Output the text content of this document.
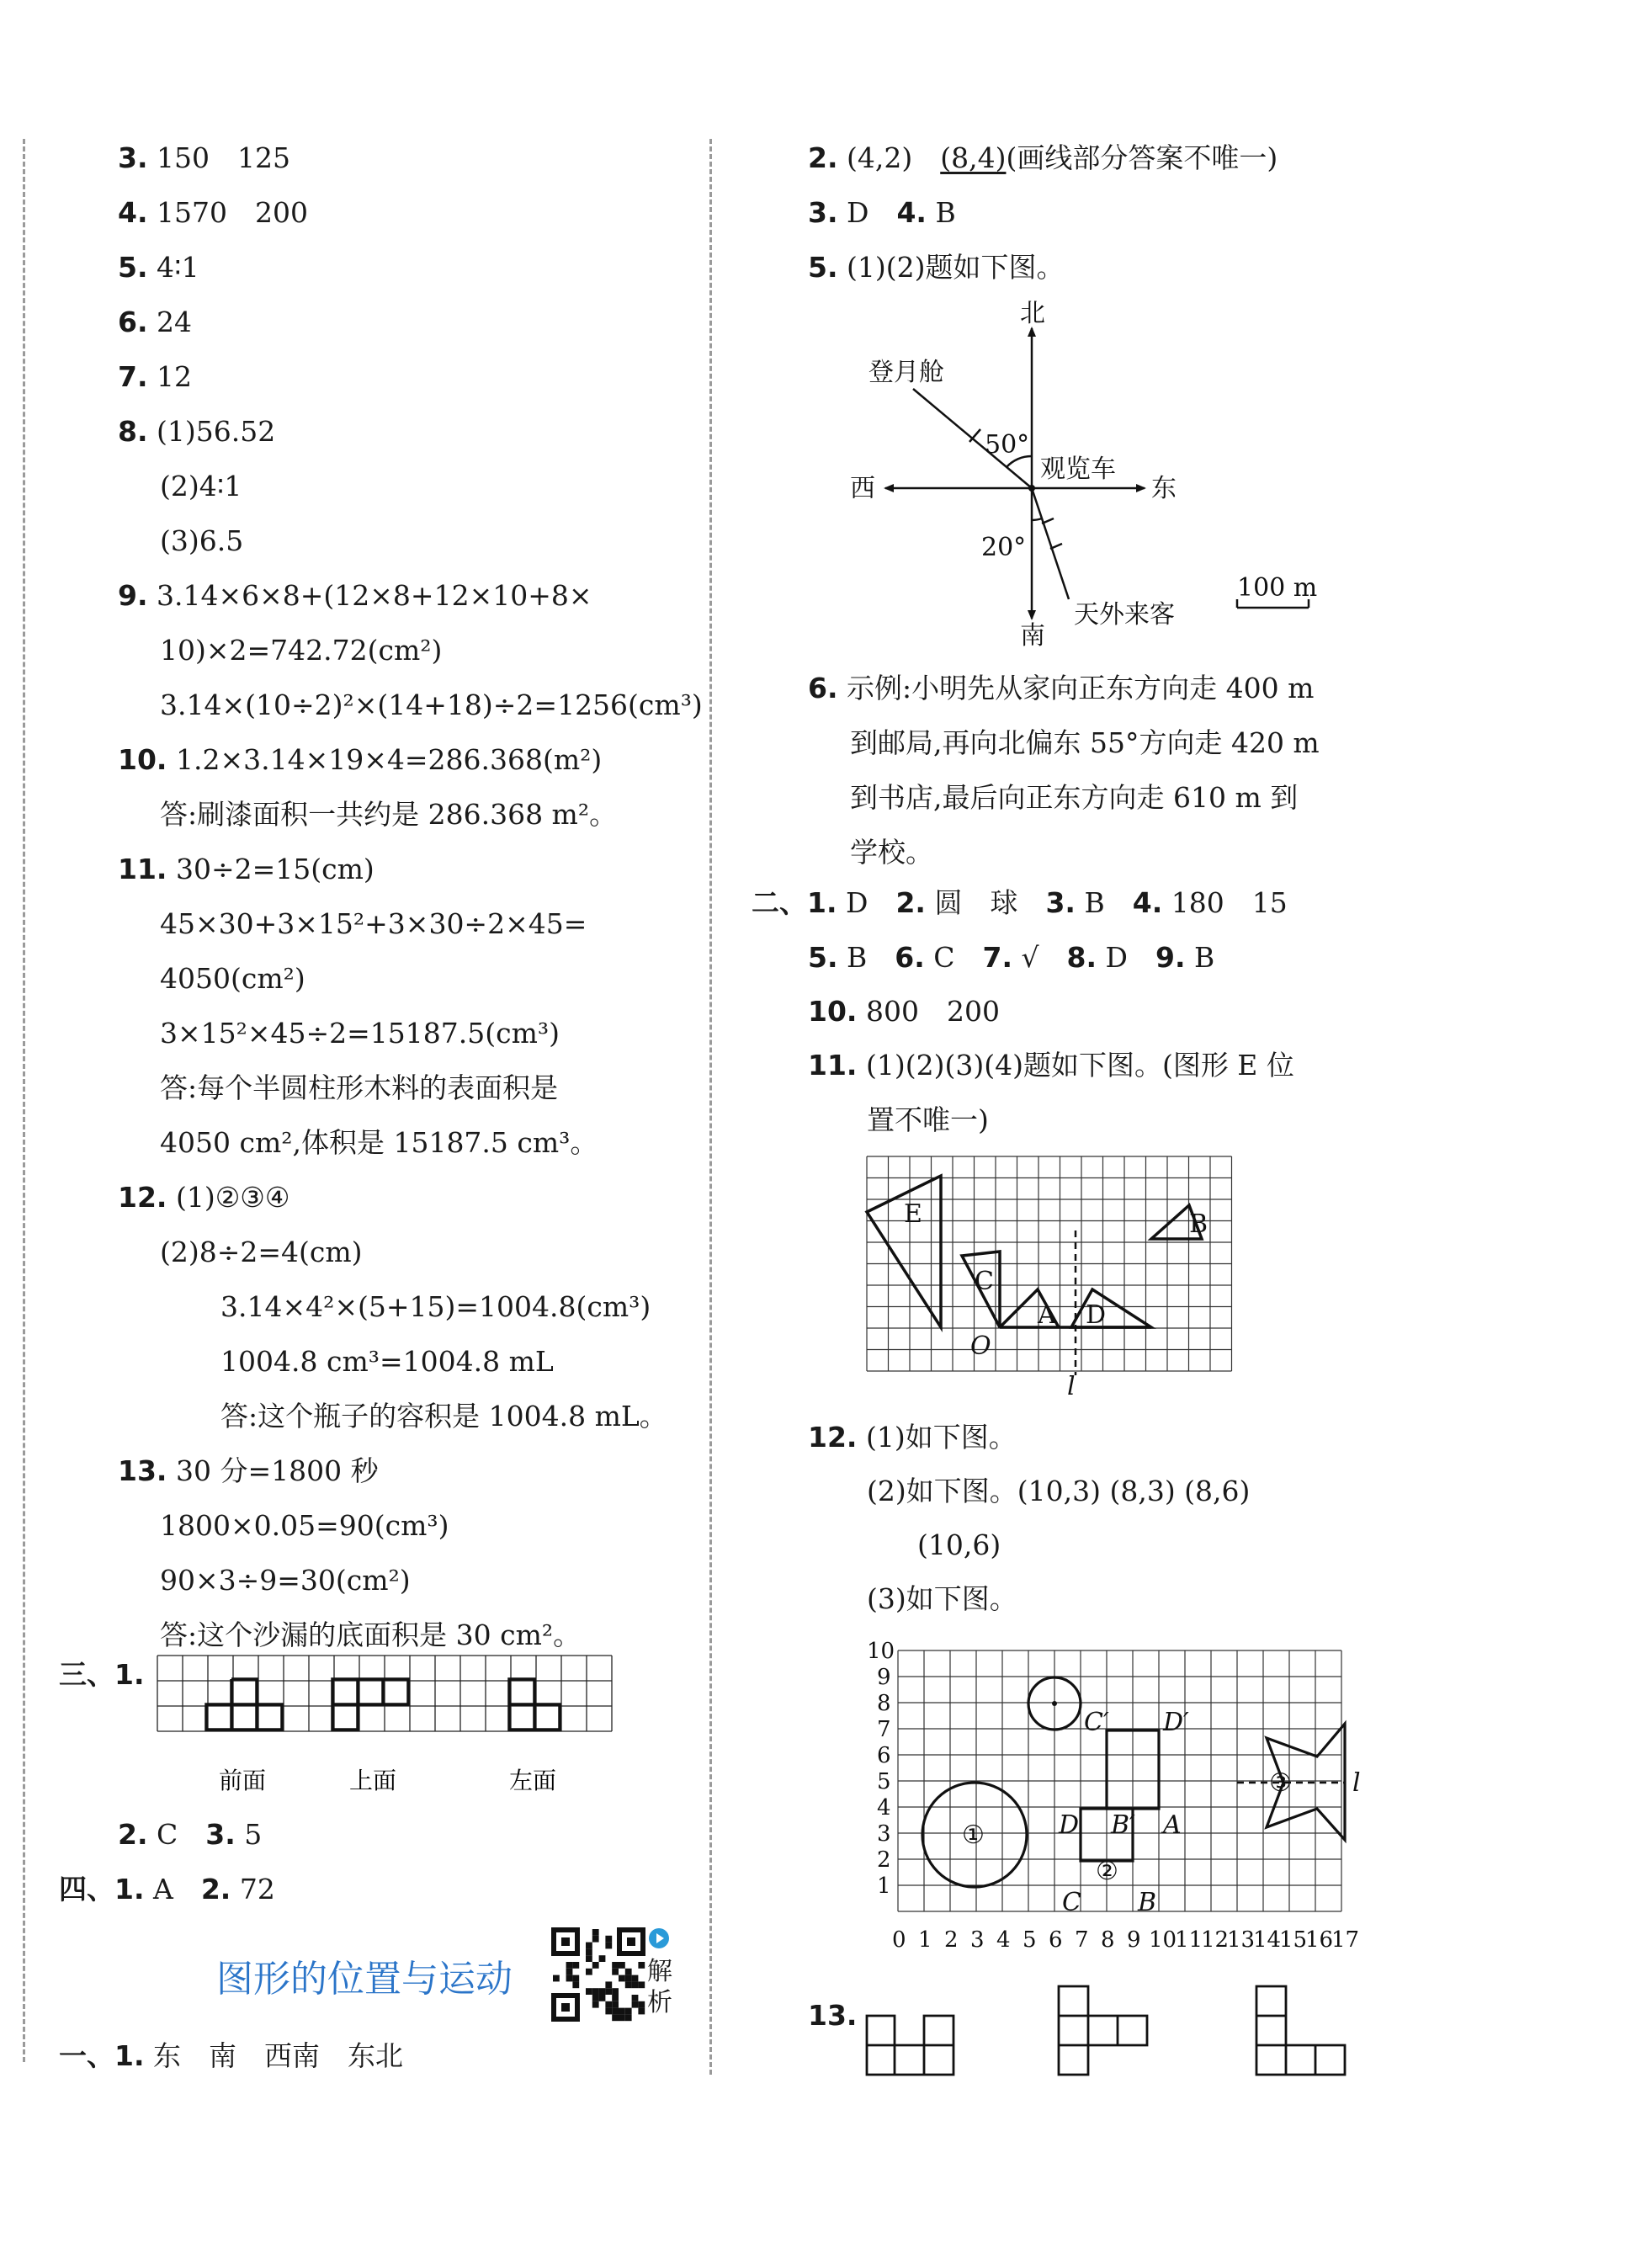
3. 150　125
4. 1570　200
5. 4∶1
6. 24
7. 12
8. (1)56.52
(2)4∶1
(3)6.5
9. 3.14×6×8+(12×8+12×10+8×
10)×2=742.72(cm²)
3.14×(10÷2)²×(14+18)÷2=1256(cm³)
10. 1.2×3.14×19×4=286.368(m²)
答:刷漆面积一共约是 286.368 m²。
11. 30÷2=15(cm)
45×30+3×15²+3×30÷2×45=
4050(cm²)
3×15²×45÷2=15187.5(cm³)
答:每个半圆柱形木料的表面积是
4050 cm²,体积是 15187.5 cm³。
12. (1)②③④
(2)8÷2=4(cm)
3.14×4²×(5+15)=1004.8(cm³)
1004.8 cm³=1004.8 mL
答:这个瓶子的容积是 1004.8 mL。
13. 30 分=1800 秒
1800×0.05=90(cm³)
90×3÷9=30(cm²)
答:这个沙漏的底面积是 30 cm²。
三、1.
前面	上面	左面
2. C　 3. 5
四、1. A　 2. 72
图形的位置与运动	解
析
一、1. 东　南　西南　东北
2. (4,2)　(8,4)(画线部分答案不唯一)
3. D　 4. B
5. (1)(2)题如下图。
北
南
东
西
登月舱
天外来客
观览车
50°
20°
100 m
6. 示例:小明先从家向正东方向走 400 m
到邮局,再向北偏东 55°方向走 420 m
到书店,最后向正东方向走 610 m 到
学校。
二、1. D　 2. 圆　球　 3. B　 4. 180　15
5. B　 6. C　 7. √　 8. D　 9. B
10. 800　200
11. (1)(2)(3)(4)题如下图。(图形 E 位
置不唯一)
E	B
C
A D
O
l
12. (1)如下图。
(2)如下图。(10,3) (8,3) (8,6)
(10,6)
(3)如下图。
1
2
3
4
5
6
7
8
9
10
0 1 2 3 4 5 6 7 8 9 10
11
12
13
14
15
16
17
C′ D′
D B′ A
C B
l
①
②
③
13.
